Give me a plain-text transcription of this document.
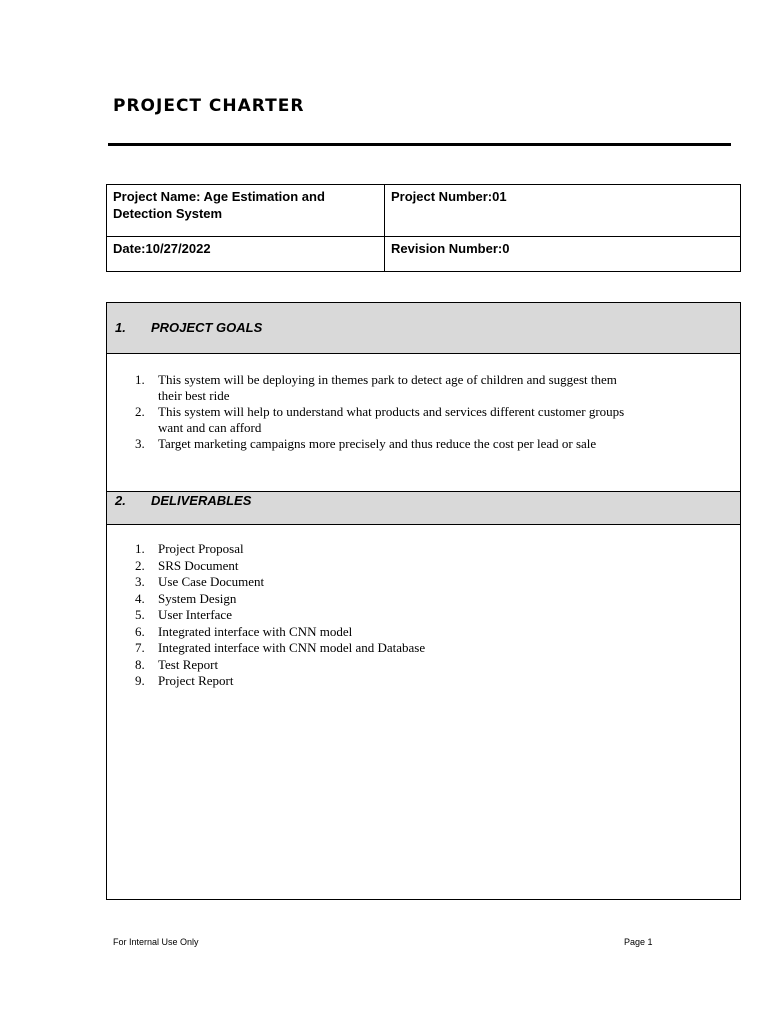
PROJECT CHARTER
Project Name: Age Estimation and Detection System
Project Number:01
Date:10/27/2022	Revision Number:0
1. PROJECT GOALS
1. This system will be deploying in themes park to detect age of children and suggest them their best ride
2. This system will help to understand what products and services different customer groups want and can afford
3. Target marketing campaigns more precisely and thus reduce the cost per lead or sale
2. DELIVERABLES
1. Project Proposal
2. SRS Document
3. Use Case Document
4. System Design
5. User Interface
6. Integrated interface with CNN model
7. Integrated interface with CNN model and Database
8. Test Report
9. Project Report
For Internal Use Only	Page 1
